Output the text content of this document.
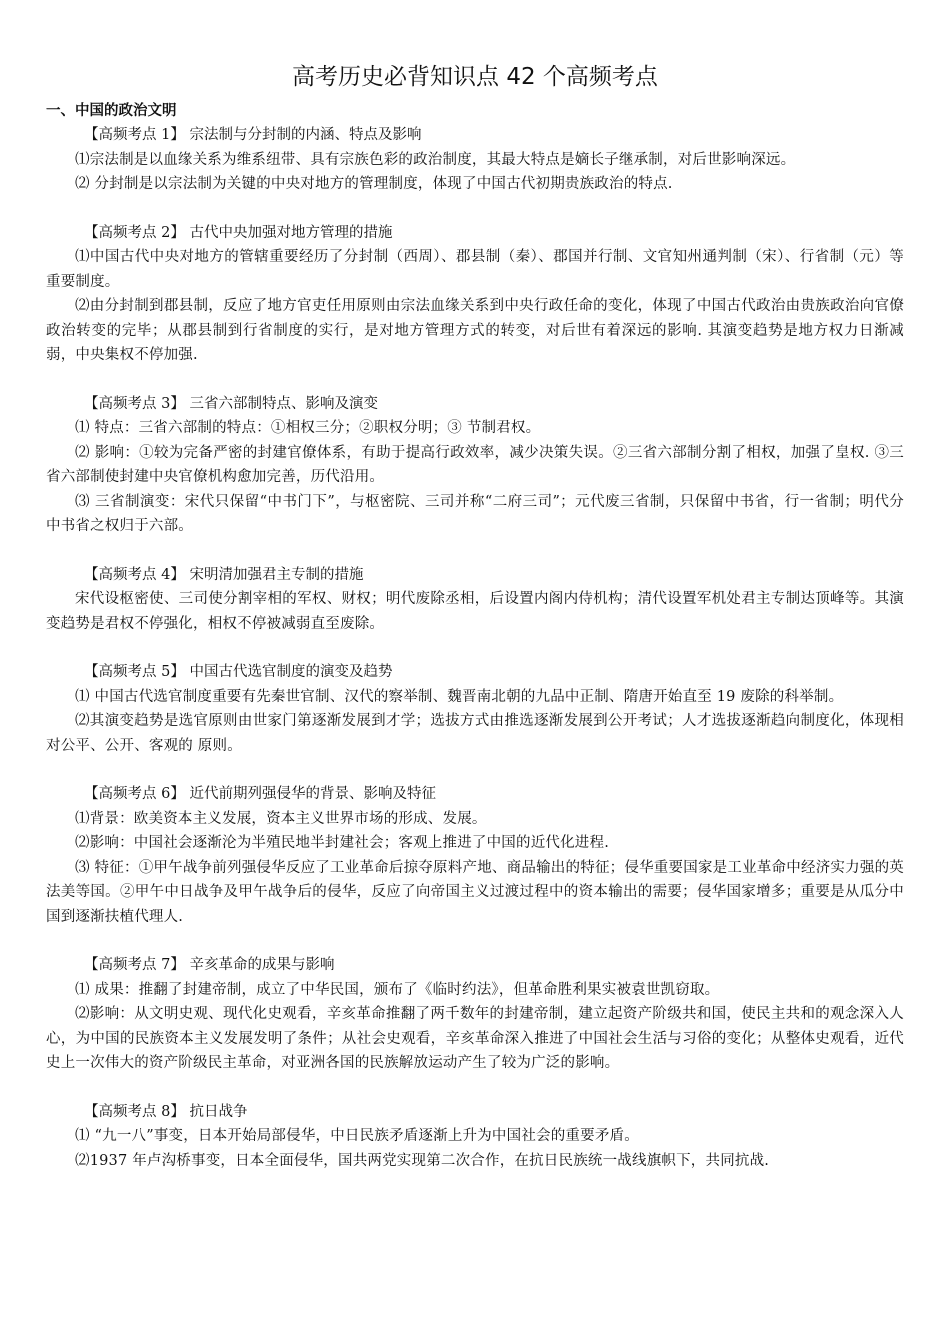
高考历史必背知识点 42 个高频考点
一、中国的政治文明

【高频考点 1】 宗法制与分封制的内涵、特点及影响

⑴宗法制是以血缘关系为维系纽带、具有宗族色彩的政治制度，其最大特点是嫡长子继承制，对后世影响深远。

⑵ 分封制是以宗法制为关键的中央对地方的管理制度，体现了中国古代初期贵族政治的特点.

【高频考点 2】 古代中央加强对地方管理的措施

⑴中国古代中央对地方的管辖重要经历了分封制（西周）、郡县制（秦）、郡国并行制、文官知州通判制（宋）、行省制（元）等重要制度。

⑵由分封制到郡县制，反应了地方官吏任用原则由宗法血缘关系到中央行政任命的变化，体现了中国古代政治由贵族政治向官僚政治转变的完毕；从郡县制到行省制度的实行，是对地方管理方式的转变，对后世有着深远的影响. 其演变趋势是地方权力日渐减弱，中央集权不停加强.

【高频考点 3】 三省六部制特点、影响及演变

⑴ 特点：三省六部制的特点：①相权三分；②职权分明；③ 节制君权。

⑵ 影响：①较为完备严密的封建官僚体系，有助于提高行政效率，减少决策失误。②三省六部制分割了相权，加强了皇权. ③三省六部制使封建中央官僚机构愈加完善，历代沿用。

⑶ 三省制演变：宋代只保留“中书门下”，与枢密院、三司并称“二府三司”；元代废三省制，只保留中书省，行一省制；明代分中书省之权归于六部。

【高频考点 4】 宋明清加强君主专制的措施

宋代设枢密使、三司使分割宰相的军权、财权；明代废除丞相，后设置内阁内侍机构；清代设置军机处君主专制达顶峰等。其演变趋势是君权不停强化，相权不停被减弱直至废除。

【高频考点 5】 中国古代选官制度的演变及趋势

⑴ 中国古代选官制度重要有先秦世官制、汉代的察举制、魏晋南北朝的九品中正制、隋唐开始直至 19 废除的科举制。

⑵其演变趋势是选官原则由世家门第逐渐发展到才学；选拔方式由推选逐渐发展到公开考试；人才选拔逐渐趋向制度化，体现相对公平、公开、客观的 原则。

【高频考点 6】 近代前期列强侵华的背景、影响及特征

⑴背景：欧美资本主义发展，资本主义世界市场的形成、发展。

⑵影响：中国社会逐渐沦为半殖民地半封建社会；客观上推进了中国的近代化进程.

⑶ 特征：①甲午战争前列强侵华反应了工业革命后掠夺原料产地、商品输出的特征；侵华重要国家是工业革命中经济实力强的英法美等国。②甲午中日战争及甲午战争后的侵华，反应了向帝国主义过渡过程中的资本输出的需要；侵华国家增多；重要是从瓜分中国到逐渐扶植代理人.

【高频考点 7】 辛亥革命的成果与影响

⑴ 成果：推翻了封建帝制，成立了中华民国，颁布了《临时约法》，但革命胜利果实被袁世凯窃取。

⑵影响：从文明史观、现代化史观看，辛亥革命推翻了两千数年的封建帝制，建立起资产阶级共和国，使民主共和的观念深入人心，为中国的民族资本主义发展发明了条件；从社会史观看，辛亥革命深入推进了中国社会生活与习俗的变化；从整体史观看，近代史上一次伟大的资产阶级民主革命，对亚洲各国的民族解放运动产生了较为广泛的影响。

【高频考点 8】 抗日战争

⑴ “九一八”事变，日本开始局部侵华，中日民族矛盾逐渐上升为中国社会的重要矛盾。

⑵1937 年卢沟桥事变，日本全面侵华，国共两党实现第二次合作，在抗日民族统一战线旗帜下，共同抗战.
